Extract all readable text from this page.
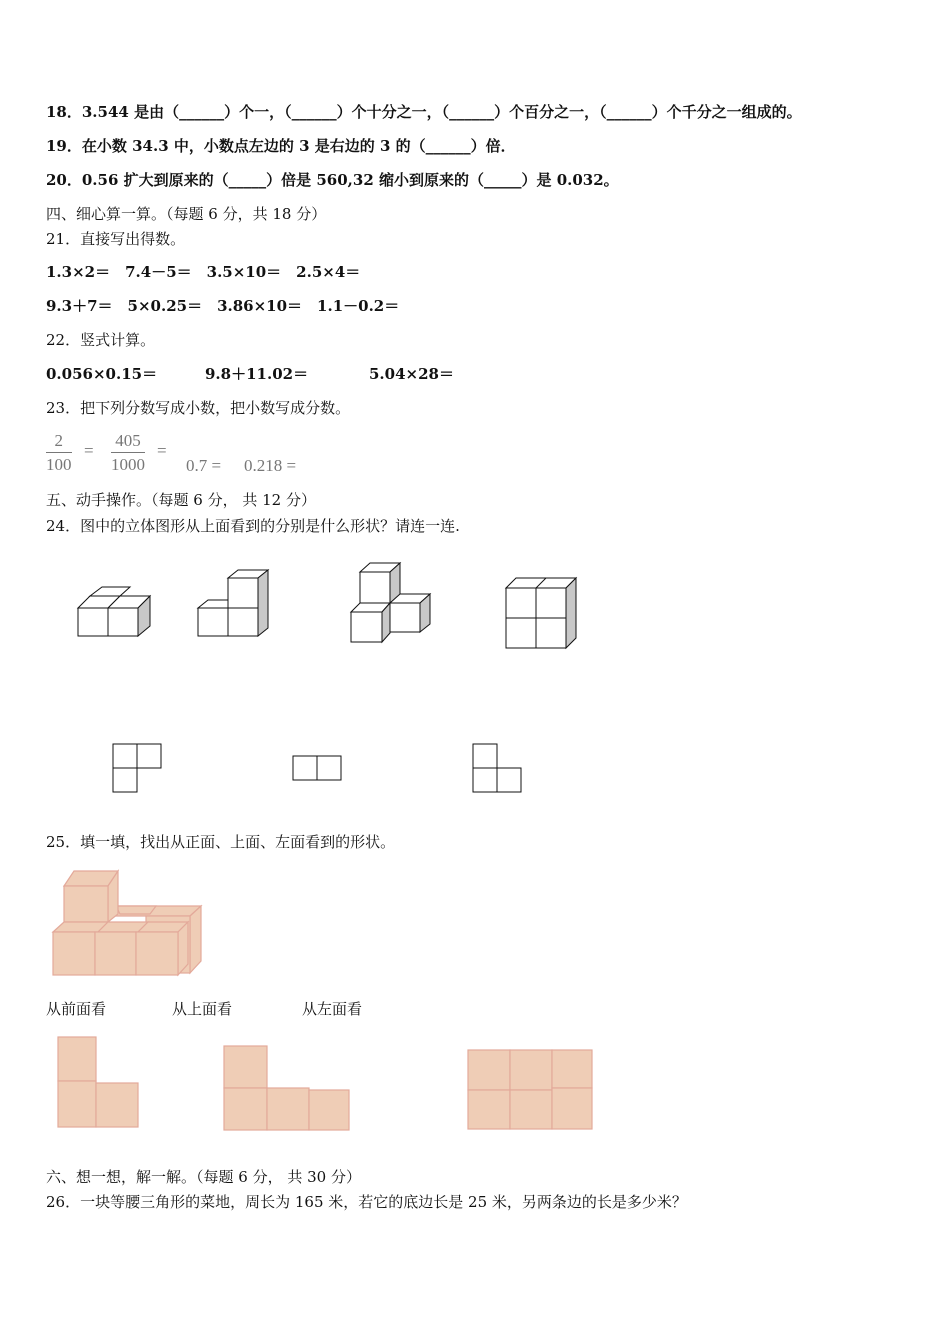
18．3.544 是由（______）个一，（______）个十分之一，（______）个百分之一，（______）个千分之一组成的。
19．在小数 34.3 中，小数点左边的 3 是右边的 3 的（______）倍．
20．0.56 扩大到原来的（_____）倍是 560,32 缩小到原来的（_____）是 0.032。
四、细心算一算。（每题 6 分，共 18 分）
21．直接写出得数。
1.3×2＝　7.4－5＝　3.5×10＝　2.5×4＝
9.3＋7＝　5×0.25＝　3.86×10＝　1.1－0.2＝
22．竖式计算。
0.056×0.15＝	9.8＋11.02＝	5.04×28＝
23．把下列分数写成小数，把小数写成分数。
$\frac{2}{100} = \frac{405}{1000}$ =
0.7 = 0.218 =
五、动手操作。（每题 6 分， 共 12 分）
24．图中的立体图形从上面看到的分别是什么形状？请连一连.
25．填一填，找出从正面、上面、左面看到的形状。
从前面看	从上面看	从左面看
六、想一想，解一解。（每题 6 分， 共 30 分）
26．一块等腰三角形的菜地，周长为 165 米，若它的底边长是 25 米，另两条边的长是多少米？
